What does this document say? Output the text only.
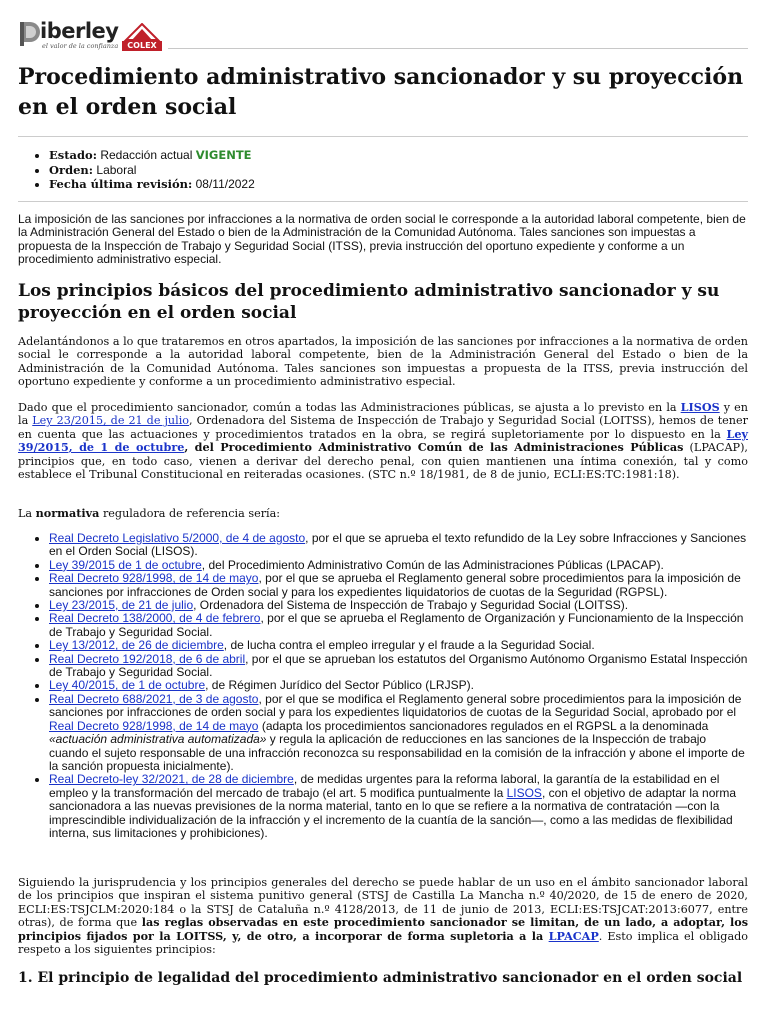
iberley
el valor de la confianza	COLEX
Procedimiento administrativo sancionador y su proyección en el orden social
• Estado: Redacción actual VIGENTE
• Orden: Laboral
• Fecha última revisión: 08/11/2022

La imposición de las sanciones por infracciones a la normativa de orden social le corresponde a la autoridad laboral competente, bien de la Administración General del Estado o bien de la Administración de la Comunidad Autónoma. Tales sanciones son impuestas a propuesta de la Inspección de Trabajo y Seguridad Social (ITSS), previa instrucción del oportuno expediente y conforme a un procedimiento administrativo especial.

Los principios básicos del procedimiento administrativo sancionador y su proyección en el orden social

Adelantándonos a lo que trataremos en otros apartados, la imposición de las sanciones por infracciones a la normativa de orden social le corresponde a la autoridad laboral competente, bien de la Administración General del Estado o bien de la Administración de la Comunidad Autónoma. Tales sanciones son impuestas a propuesta de la ITSS, previa instrucción del oportuno expediente y conforme a un procedimiento administrativo especial.

Dado que el procedimiento sancionador, común a todas las Administraciones públicas, se ajusta a lo previsto en la LISOS y en la Ley 23/2015, de 21 de julio, Ordenadora del Sistema de Inspección de Trabajo y Seguridad Social (LOITSS), hemos de tener en cuenta que las actuaciones y procedimientos tratados en la obra, se regirá supletoriamente por lo dispuesto en la Ley 39/2015, de 1 de octubre, del Procedimiento Administrativo Común de las Administraciones Públicas (LPACAP), principios que, en todo caso, vienen a derivar del derecho penal, con quien mantienen una íntima conexión, tal y como establece el Tribunal Constitucional en reiteradas ocasiones. (STC n.º 18/1981, de 8 de junio, ECLI:ES:TC:1981:18).

La normativa reguladora de referencia sería:

• Real Decreto Legislativo 5/2000, de 4 de agosto, por el que se aprueba el texto refundido de la Ley sobre Infracciones y Sanciones en el Orden Social (LISOS).
• Ley 39/2015 de 1 de octubre, del Procedimiento Administrativo Común de las Administraciones Públicas (LPACAP).
• Real Decreto 928/1998, de 14 de mayo, por el que se aprueba el Reglamento general sobre procedimientos para la imposición de sanciones por infracciones de Orden social y para los expedientes liquidatorios de cuotas de la Seguridad (RGPSL).
• Ley 23/2015, de 21 de julio, Ordenadora del Sistema de Inspección de Trabajo y Seguridad Social (LOITSS).
• Real Decreto 138/2000, de 4 de febrero, por el que se aprueba el Reglamento de Organización y Funcionamiento de la Inspección de Trabajo y Seguridad Social.
• Ley 13/2012, de 26 de diciembre, de lucha contra el empleo irregular y el fraude a la Seguridad Social.
• Real Decreto 192/2018, de 6 de abril, por el que se aprueban los estatutos del Organismo Autónomo Organismo Estatal Inspección de Trabajo y Seguridad Social.
• Ley 40/2015, de 1 de octubre, de Régimen Jurídico del Sector Público (LRJSP).
• Real Decreto 688/2021, de 3 de agosto, por el que se modifica el Reglamento general sobre procedimientos para la imposición de sanciones por infracciones de orden social y para los expedientes liquidatorios de cuotas de la Seguridad Social, aprobado por el Real Decreto 928/1998, de 14 de mayo (adapta los procedimientos sancionadores regulados en el RGPSL a la denominada «actuación administrativa automatizada» y regula la aplicación de reducciones en las sanciones de la Inspección de trabajo cuando el sujeto responsable de una infracción reconozca su responsabilidad en la comisión de la infracción y abone el importe de la sanción propuesta inicialmente).
• Real Decreto-ley 32/2021, de 28 de diciembre, de medidas urgentes para la reforma laboral, la garantía de la estabilidad en el empleo y la transformación del mercado de trabajo (el art. 5 modifica puntualmente la LISOS, con el objetivo de adaptar la norma sancionadora a las nuevas previsiones de la norma material, tanto en lo que se refiere a la normativa de contratación —con la imprescindible individualización de la infracción y el incremento de la cuantía de la sanción—, como a las medidas de flexibilidad interna, sus limitaciones y prohibiciones).

Siguiendo la jurisprudencia y los principios generales del derecho se puede hablar de un uso en el ámbito sancionador laboral de los principios que inspiran el sistema punitivo general (STSJ de Castilla La Mancha n.º 40/2020, de 15 de enero de 2020, ECLI:ES:TSJCLM:2020:184 o la STSJ de Cataluña n.º 4128/2013, de 11 de junio de 2013, ECLI:ES:TSJCAT:2013:6077, entre otras), de forma que las reglas observadas en este procedimiento sancionador se limitan, de un lado, a adoptar, los principios fijados por la LOITSS, y, de otro, a incorporar de forma supletoria a la LPACAP. Esto implica el obligado respeto a los siguientes principios:

1. El principio de legalidad del procedimiento administrativo sancionador en el orden social
